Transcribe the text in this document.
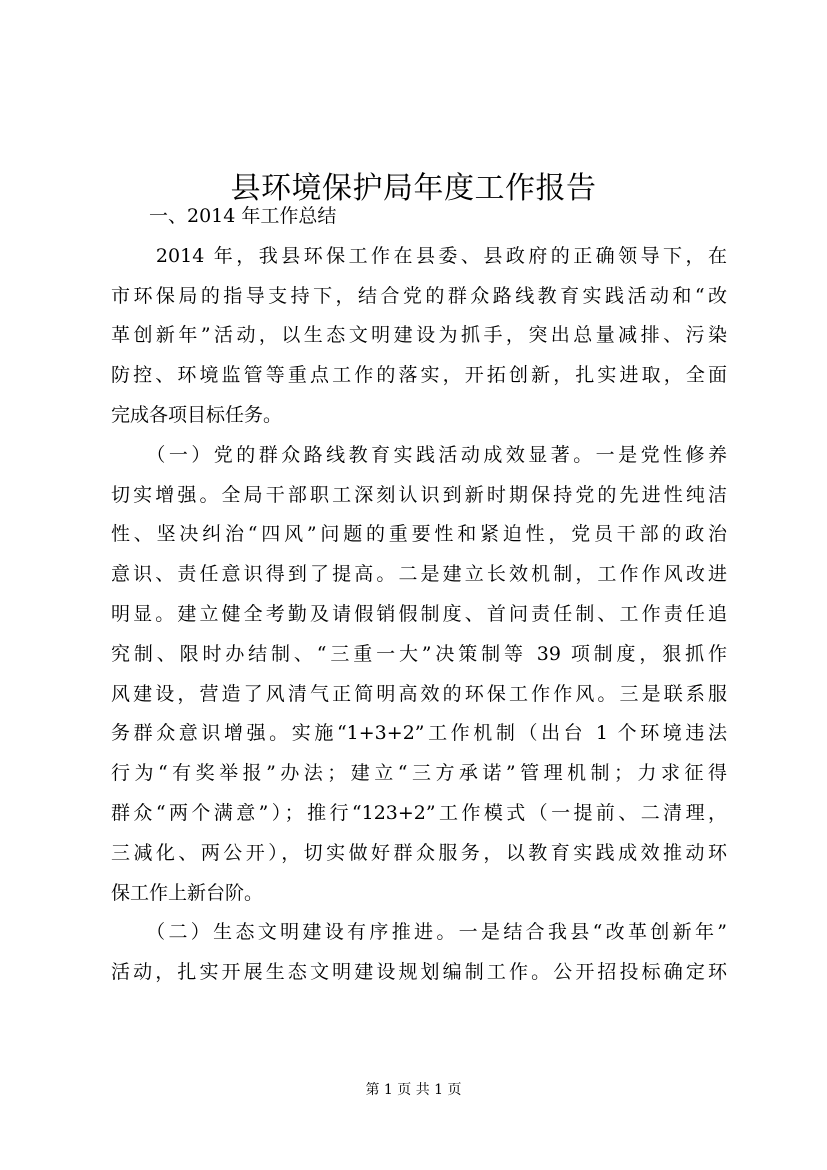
县环境保护局年度工作报告
　　一、2014 年工作总结
　　2014 年，我县环保工作在县委、县政府的正确领导下，在
市环保局的指导支持下，结合党的群众路线教育实践活动和“改
革创新年”活动，以生态文明建设为抓手，突出总量减排、污染
防控、环境监管等重点工作的落实，开拓创新，扎实进取，全面
完成各项目标任务。
　　（一）党的群众路线教育实践活动成效显著。一是党性修养
切实增强。全局干部职工深刻认识到新时期保持党的先进性纯洁
性、坚决纠治“四风”问题的重要性和紧迫性，党员干部的政治
意识、责任意识得到了提高。二是建立长效机制，工作作风改进
明显。建立健全考勤及请假销假制度、首问责任制、工作责任追
究制、限时办结制、“三重一大”决策制等 39 项制度，狠抓作
风建设，营造了风清气正简明高效的环保工作作风。三是联系服
务群众意识增强。实施“1+3+2”工作机制（出台 1 个环境违法
行为“有奖举报”办法；建立“三方承诺”管理机制；力求征得
群众“两个满意”）；推行“123+2”工作模式（一提前、二清理，
三减化、两公开），切实做好群众服务，以教育实践成效推动环
保工作上新台阶。
　　（二）生态文明建设有序推进。一是结合我县“改革创新年”
活动，扎实开展生态文明建设规划编制工作。公开招投标确定环
第 1 页 共 1 页
